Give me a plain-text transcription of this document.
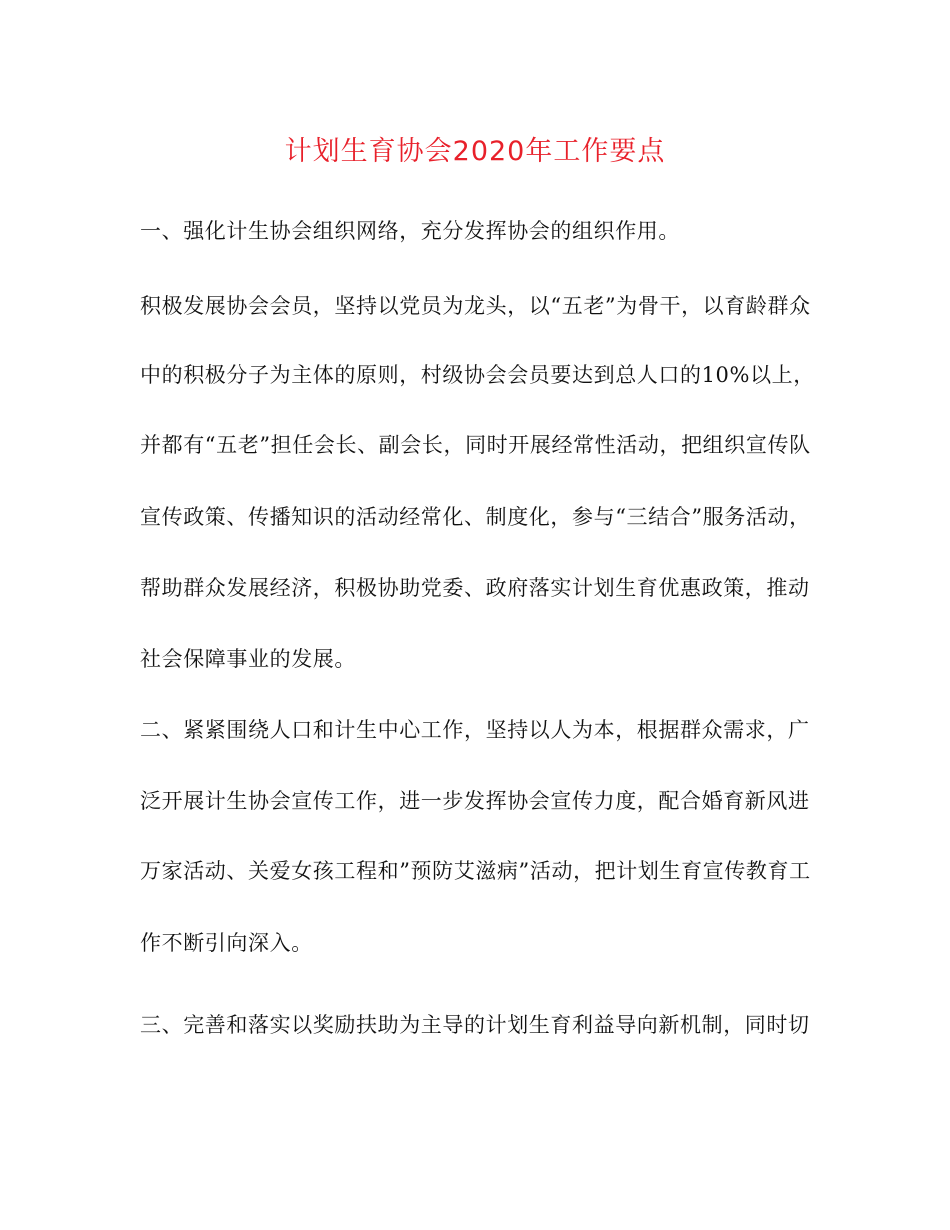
计划生育协会2020年工作要点
一、强化计生协会组织网络，充分发挥协会的组织作用。
积极发展协会会员，坚持以党员为龙头，以“五老”为骨干，以育龄群众
中的积极分子为主体的原则，村级协会会员要达到总人口的10%以上，
并都有“五老”担任会长、副会长，同时开展经常性活动，把组织宣传队
宣传政策、传播知识的活动经常化、制度化，参与“三结合”服务活动，
帮助群众发展经济，积极协助党委、政府落实计划生育优惠政策，推动
社会保障事业的发展。
二、紧紧围绕人口和计生中心工作，坚持以人为本，根据群众需求，广
泛开展计生协会宣传工作，进一步发挥协会宣传力度，配合婚育新风进
万家活动、关爱女孩工程和”预防艾滋病”活动，把计划生育宣传教育工
作不断引向深入。
三、完善和落实以奖励扶助为主导的计划生育利益导向新机制，同时切
